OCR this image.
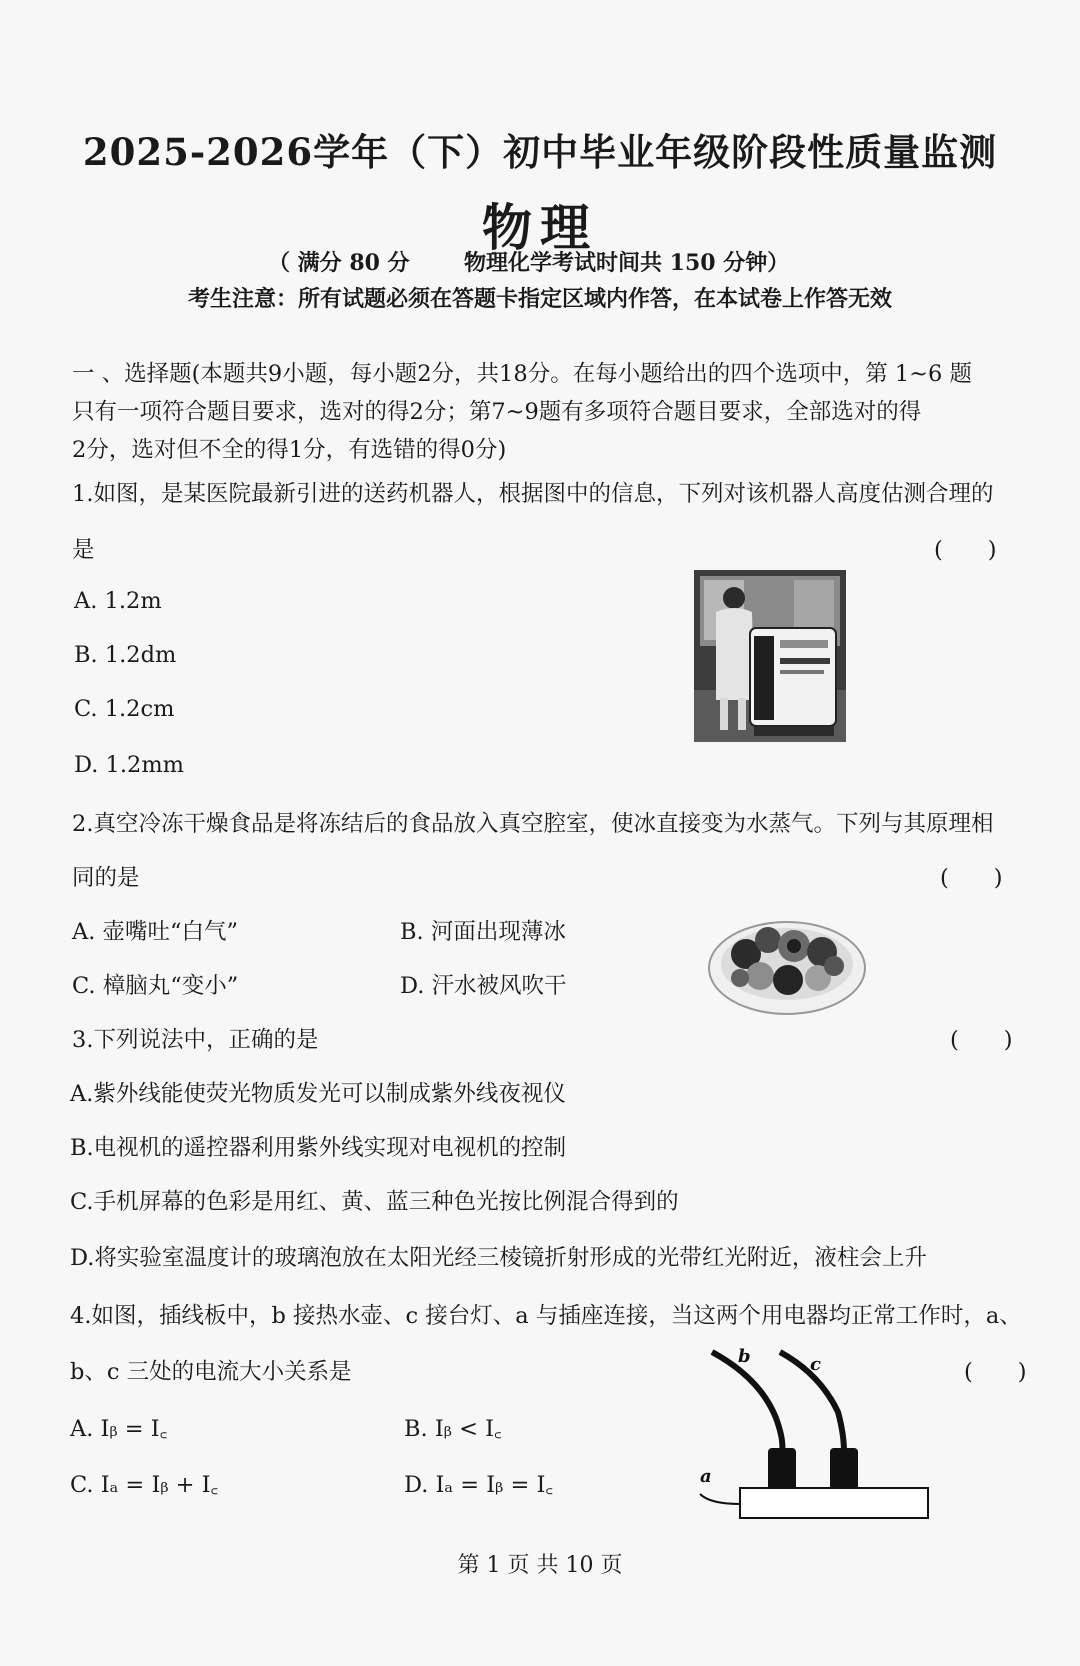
2025-2026学年（下）初中毕业年级阶段性质量监测
物理
（ 满分 80 分 物理化学考试时间共 150 分钟）
考生注意：所有试题必须在答题卡指定区域内作答，在本试卷上作答无效
一 、选择题(本题共9小题，每小题2分，共18分。在每小题给出的四个选项中，第 1~6 题
只有一项符合题目要求，选对的得2分；第7~9题有多项符合题目要求，全部选对的得
2分，选对但不全的得1分，有选错的得0分)
1.如图，是某医院最新引进的送药机器人，根据图中的信息，下列对该机器人高度估测合理的
是	(　　)
A. 1.2m
B. 1.2dm
C. 1.2cm
D. 1.2mm
2.真空冷冻干燥食品是将冻结后的食品放入真空腔室，使冰直接变为水蒸气。下列与其原理相
同的是	(　　)
A. 壶嘴吐“白气”	B. 河面出现薄冰
C. 樟脑丸“变小”	D. 汗水被风吹干
3.下列说法中，正确的是	(　　)
A.紫外线能使荧光物质发光可以制成紫外线夜视仪
B.电视机的遥控器利用紫外线实现对电视机的控制
C.手机屏幕的色彩是用红、黄、蓝三种色光按比例混合得到的
D.将实验室温度计的玻璃泡放在太阳光经三棱镜折射形成的光带红光附近，液柱会上升
4.如图，插线板中，b 接热水壶、c 接台灯、a 与插座连接，当这两个用电器均正常工作时，a、
b、c 三处的电流大小关系是	(　　)
A. Iᵦ = I꜀	B. Iᵦ < I꜀
C. Iₐ = Iᵦ + I꜀	D. Iₐ = Iᵦ = I꜀
b	c
a
第 1 页 共 10 页
